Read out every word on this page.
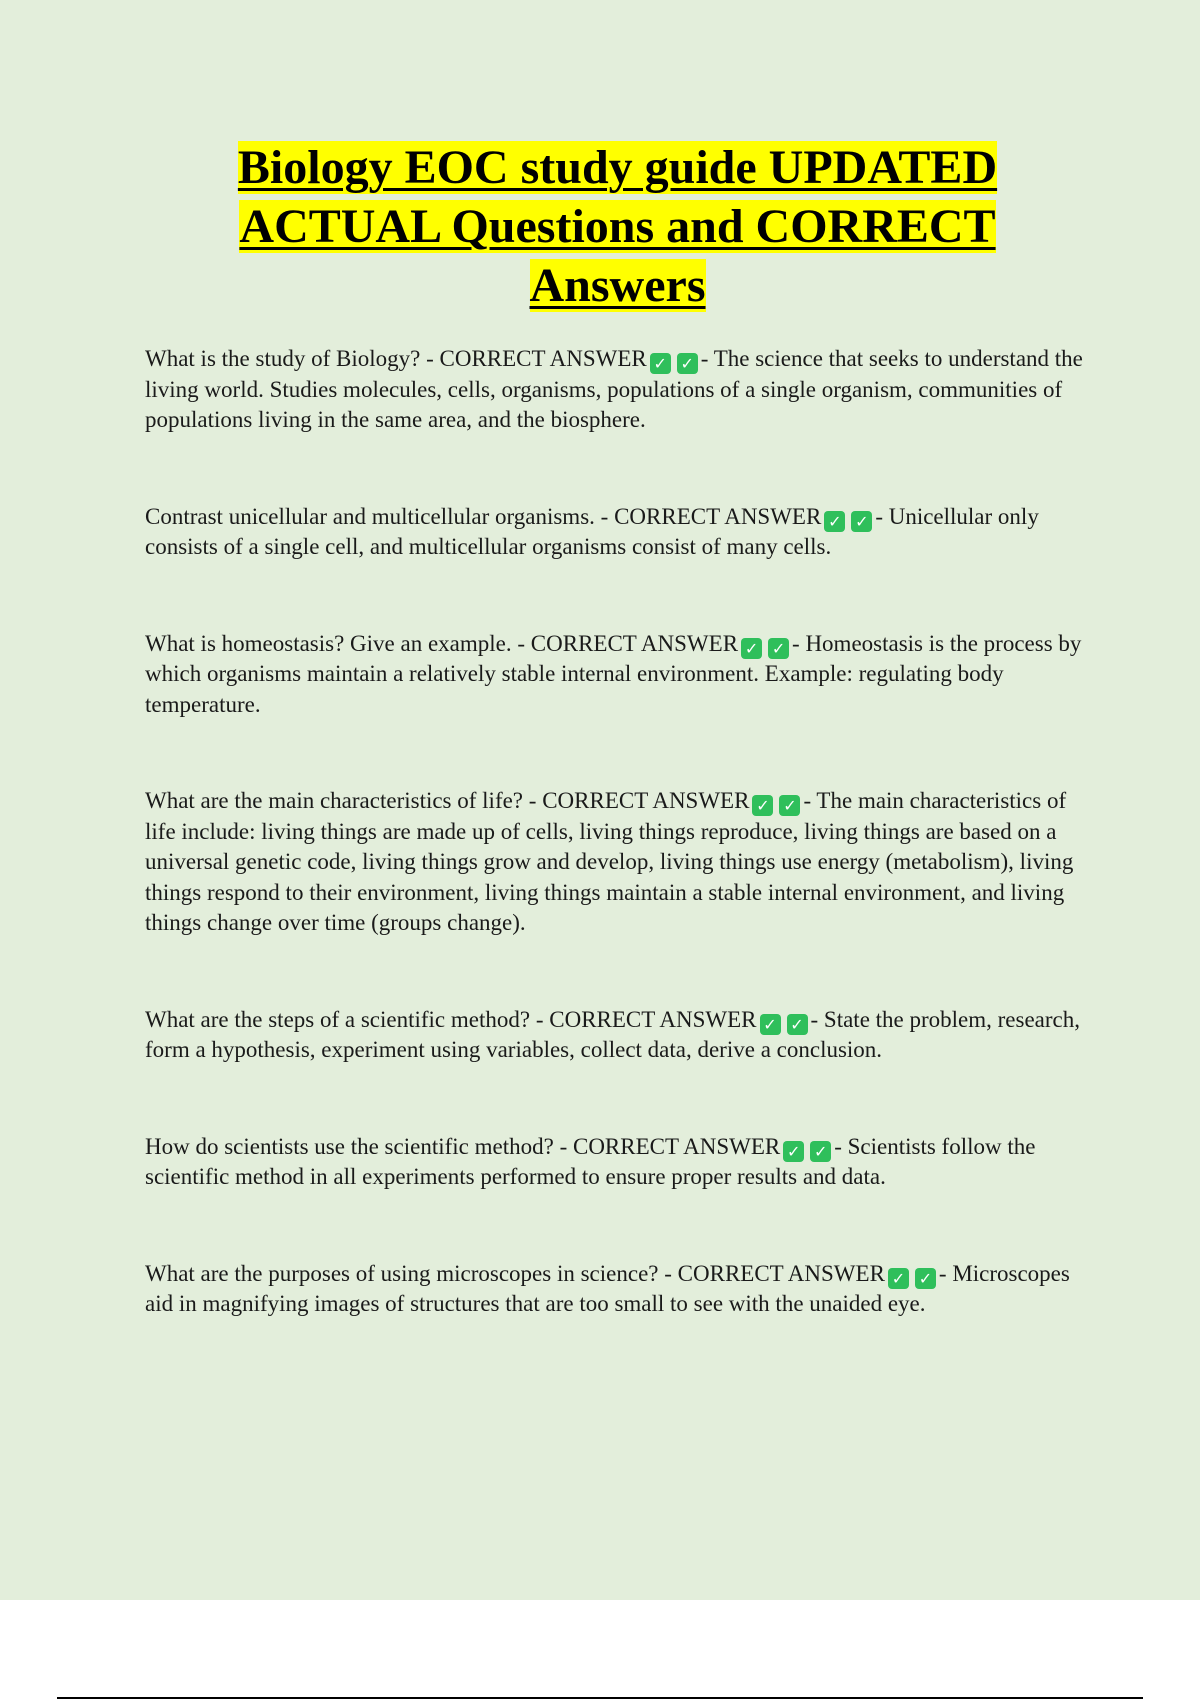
Biology EOC study guide UPDATED ACTUAL Questions and CORRECT Answers

What is the study of Biology? - CORRECT ANSWER ✓ ✓ - The science that seeks to understand the living world. Studies molecules, cells, organisms, populations of a single organism, communities of populations living in the same area, and the biosphere.

Contrast unicellular and multicellular organisms. - CORRECT ANSWER ✓ ✓ - Unicellular only consists of a single cell, and multicellular organisms consist of many cells.

What is homeostasis? Give an example. - CORRECT ANSWER ✓ ✓ - Homeostasis is the process by which organisms maintain a relatively stable internal environment. Example: regulating body temperature.

What are the main characteristics of life? - CORRECT ANSWER ✓ ✓ - The main characteristics of life include: living things are made up of cells, living things reproduce, living things are based on a universal genetic code, living things grow and develop, living things use energy (metabolism), living things respond to their environment, living things maintain a stable internal environment, and living things change over time (groups change).

What are the steps of a scientific method? - CORRECT ANSWER ✓ ✓ - State the problem, research, form a hypothesis, experiment using variables, collect data, derive a conclusion.

How do scientists use the scientific method? - CORRECT ANSWER ✓ ✓ - Scientists follow the scientific method in all experiments performed to ensure proper results and data.

What are the purposes of using microscopes in science? - CORRECT ANSWER ✓ ✓ - Microscopes aid in magnifying images of structures that are too small to see with the unaided eye.
